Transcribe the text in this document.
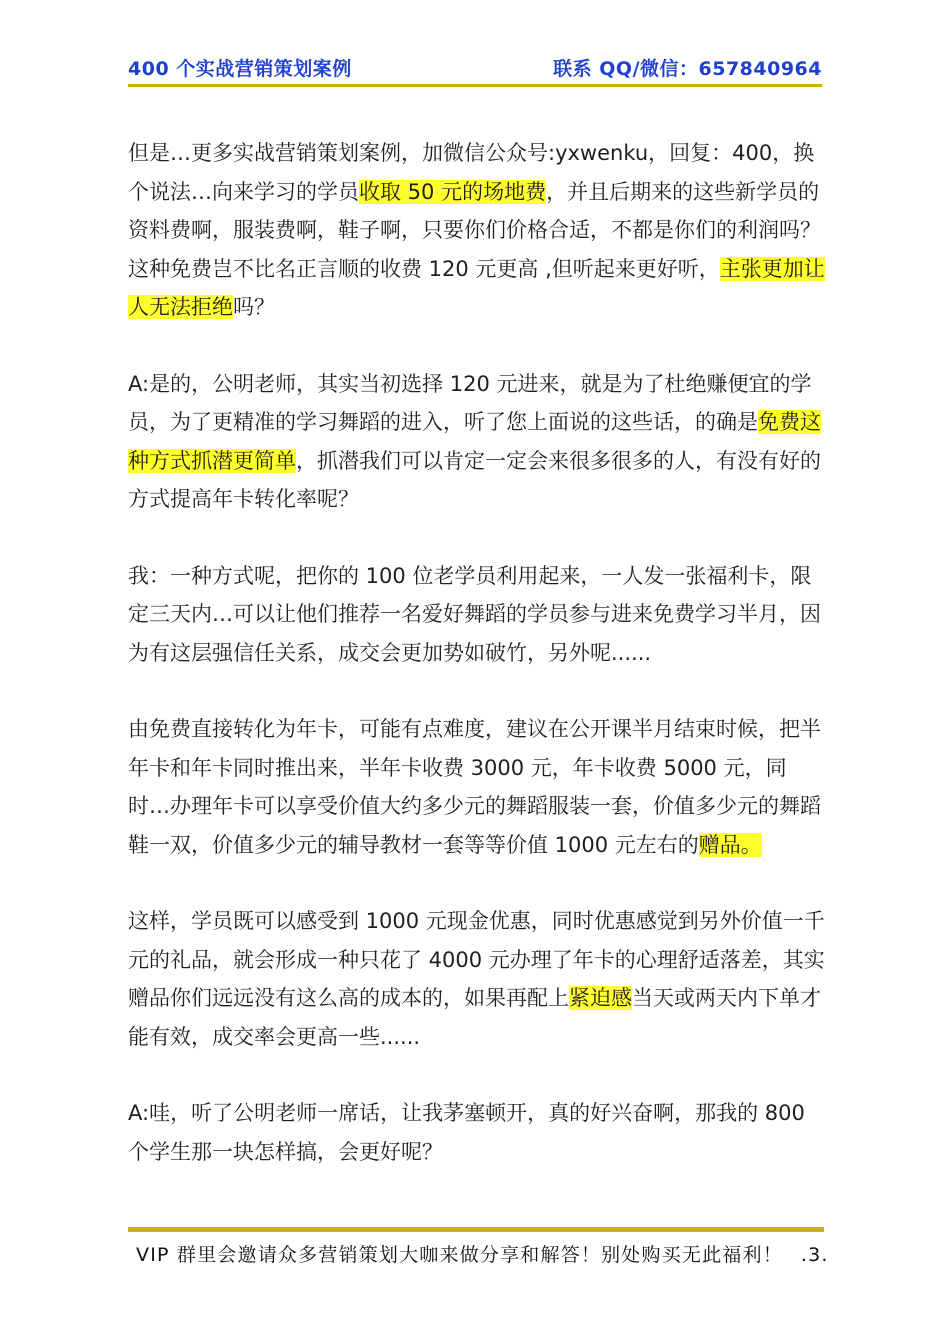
400 个实战营销策划案例	联系 QQ/微信：657840964

但是…更多实战营销策划案例，加微信公众号:yxwenku，回复：400，换个说法…向来学习的学员收取 50 元的场地费，并且后期来的这些新学员的资料费啊，服装费啊，鞋子啊，只要你们价格合适，不都是你们的利润吗？这种免费岂不比名正言顺的收费 120 元更高 ,但听起来更好听，主张更加让人无法拒绝吗？

A:是的，公明老师，其实当初选择 120 元进来，就是为了杜绝赚便宜的学员，为了更精准的学习舞蹈的进入，听了您上面说的这些话，的确是免费这种方式抓潜更简单，抓潜我们可以肯定一定会来很多很多的人，有没有好的方式提高年卡转化率呢？

我：一种方式呢，把你的 100 位老学员利用起来，一人发一张福利卡，限定三天内…可以让他们推荐一名爱好舞蹈的学员参与进来免费学习半月，因为有这层强信任关系，成交会更加势如破竹，另外呢......

由免费直接转化为年卡，可能有点难度，建议在公开课半月结束时候，把半年卡和年卡同时推出来，半年卡收费 3000 元，年卡收费 5000 元，同时…办理年卡可以享受价值大约多少元的舞蹈服装一套，价值多少元的舞蹈鞋一双，价值多少元的辅导教材一套等等价值 1000 元左右的赠品。

这样，学员既可以感受到 1000 元现金优惠，同时优惠感觉到另外价值一千元的礼品，就会形成一种只花了 4000 元办理了年卡的心理舒适落差，其实赠品你们远远没有这么高的成本的，如果再配上紧迫感当天或两天内下单才能有效，成交率会更高一些......

A:哇，听了公明老师一席话，让我茅塞顿开，真的好兴奋啊，那我的 800 个学生那一块怎样搞，会更好呢？

VIP 群里会邀请众多营销策划大咖来做分享和解答！别处购买无此福利！ .3.
